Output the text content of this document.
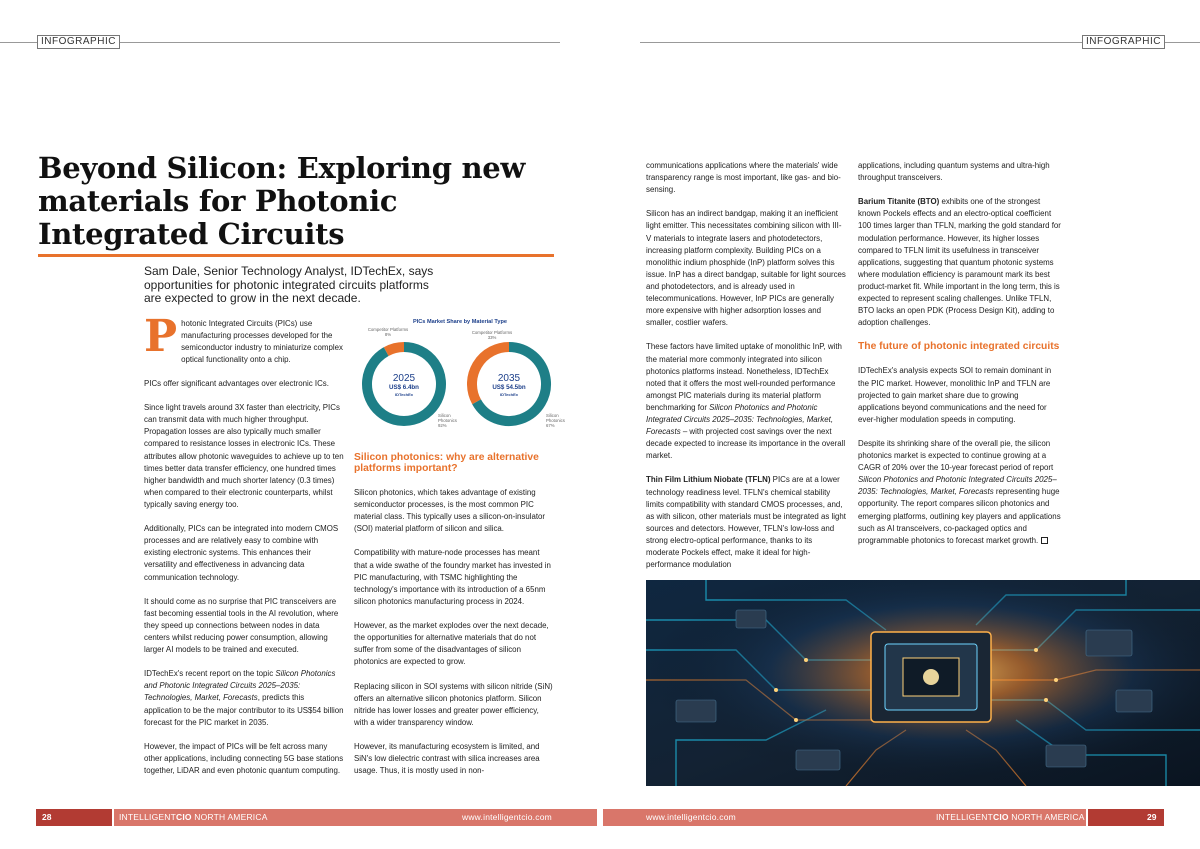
INFOGRAPHIC	INFOGRAPHIC
Beyond Silicon: Exploring new materials for Photonic Integrated Circuits

Sam Dale, Senior Technology Analyst, IDTechEx, says opportunities for photonic integrated circuits platforms are expected to grow in the next decade.

Photonic Integrated Circuits (PICs) use manufacturing processes developed for the semiconductor industry to miniaturize complex optical functionality onto a chip.

PICs offer significant advantages over electronic ICs.

Since light travels around 3X faster than electricity, PICs can transmit data with much higher throughput. Propagation losses are also typically much smaller compared to resistance losses in electronic ICs. These attributes allow photonic waveguides to achieve up to ten times better data transfer efficiency, one hundred times higher bandwidth and much shorter latency (0.3 times) when compared to their electronic counterparts, whilst typically saving energy too.

Additionally, PICs can be integrated into modern CMOS processes and are relatively easy to combine with existing electronic systems. This enhances their versatility and effectiveness in advancing data communication technology.

It should come as no surprise that PIC transceivers are fast becoming essential tools in the AI revolution, where they speed up connections between nodes in data centers whilst reducing power consumption, allowing larger AI models to be trained and executed.

IDTechEx's recent report on the topic Silicon Photonics and Photonic Integrated Circuits 2025–2035: Technologies, Market, Forecasts, predicts this application to be the major contributor to its US$54 billion forecast for the PIC market in 2035.

However, the impact of PICs will be felt across many other applications, including connecting 5G base stations together, LiDAR and even photonic quantum computing.

PICs Market Share by Material Type
2025
US$ 6.4bn
IDTechEx
Competitor Platforms 8%
Silicon Photonics 92%
2035
US$ 54.5bn
IDTechEx
Competitor Platforms 33%
Silicon Photonics 67%
Silicon photonics: why are alternative platforms important?

Silicon photonics, which takes advantage of existing semiconductor processes, is the most common PIC material class. This typically uses a silicon-on-insulator (SOI) material platform of silicon and silica.

Compatibility with mature-node processes has meant that a wide swathe of the foundry market has invested in PIC manufacturing, with TSMC highlighting the technology's importance with its introduction of a 65nm silicon photonics manufacturing process in 2024.

However, as the market explodes over the next decade, the opportunities for alternative materials that do not suffer from some of the disadvantages of silicon photonics are expected to grow.

Replacing silicon in SOI systems with silicon nitride (SiN) offers an alternative silicon photonics platform. Silicon nitride has lower losses and greater power efficiency, with a wider transparency window.

However, its manufacturing ecosystem is limited, and SiN's low dielectric contrast with silica increases area usage. Thus, it is mostly used in non-

communications applications where the materials' wide transparency range is most important, like gas- and bio-sensing.

Silicon has an indirect bandgap, making it an inefficient light emitter. This necessitates combining silicon with III-V materials to integrate lasers and photodetectors, increasing platform complexity. Building PICs on a monolithic indium phosphide (InP) platform solves this issue. InP has a direct bandgap, suitable for light sources and photodetectors, and is already used in telecommunications. However, InP PICs are generally more expensive with higher adsorption losses and smaller, costlier wafers.

These factors have limited uptake of monolithic InP, with the material more commonly integrated into silicon photonics platforms instead. Nonetheless, IDTechEx noted that it offers the most well-rounded performance amongst PIC materials during its material platform benchmarking for Silicon Photonics and Photonic Integrated Circuits 2025–2035: Technologies, Market, Forecasts – with projected cost savings over the next decade expected to increase its importance in the overall market.

Thin Film Lithium Niobate (TFLN) PICs are at a lower technology readiness level. TFLN's chemical stability limits compatibility with standard CMOS processes, and, as with silicon, other materials must be integrated as light sources and detectors. However, TFLN's low-loss and strong electro-optical performance, thanks to its moderate Pockels effect, make it ideal for high-performance modulation

applications, including quantum systems and ultra-high throughput transceivers.

Barium Titanite (BTO) exhibits one of the strongest known Pockels effects and an electro-optical coefficient 100 times larger than TFLN, marking the gold standard for modulation performance. However, its higher losses compared to TFLN limit its usefulness in transceiver applications, suggesting that quantum photonic systems where modulation efficiency is paramount mark its best product-market fit. While important in the long term, this is expected to represent scaling challenges. Unlike TFLN, BTO lacks an open PDK (Process Design Kit), adding to adoption challenges.

The future of photonic integrated circuits

IDTechEx's analysis expects SOI to remain dominant in the PIC market. However, monolithic InP and TFLN are projected to gain market share due to growing applications beyond communications and the need for ever-higher modulation speeds in computing.

Despite its shrinking share of the overall pie, the silicon photonics market is expected to continue growing at a CAGR of 20% over the 10-year forecast period of report Silicon Photonics and Photonic Integrated Circuits 2025–2035: Technologies, Market, Forecasts representing huge opportunity. The report compares silicon photonics and emerging platforms, outlining key players and applications such as AI transceivers, co-packaged optics and programmable photonics to forecast market growth.

28	29
INTELLIGENTCIO NORTH AMERICA	www.intelligentcio.com	www.intelligentcio.com	INTELLIGENTCIO NORTH AMERICA
